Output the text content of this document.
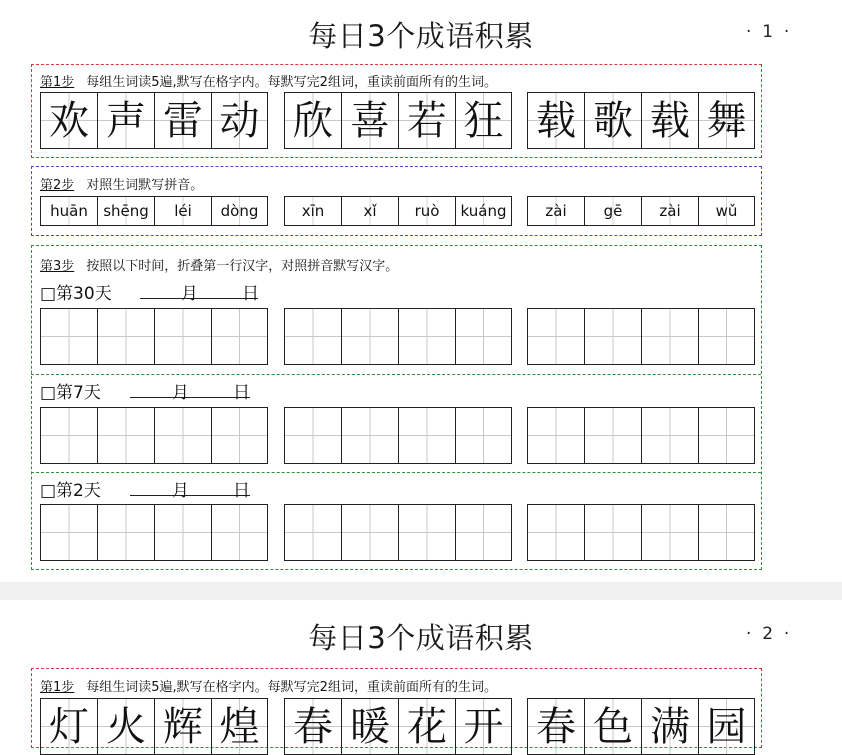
每日3个成语积累	·  1  ·
第1步 每组生词读5遍,默写在格字内。每默写完2组词，重读前面所有的生词。
欢 声 雷 动 欣 喜 若 狂 载 歌 载 舞
第2步 对照生词默写拼音。
huān	shēng	léi	dòng	xīn	xǐ	ruò	kuáng	zài	gē	zài	wǔ
第3步 按照以下时间，折叠第一行汉字，对照拼音默写汉字。
□第30天	月	日
□第7天	月	日
□第2天	月	日
每日3个成语积累	·  2  ·
第1步 每组生词读5遍,默写在格字内。每默写完2组词，重读前面所有的生词。
灯 火 辉 煌 春 暖 花 开 春 色 满 园
